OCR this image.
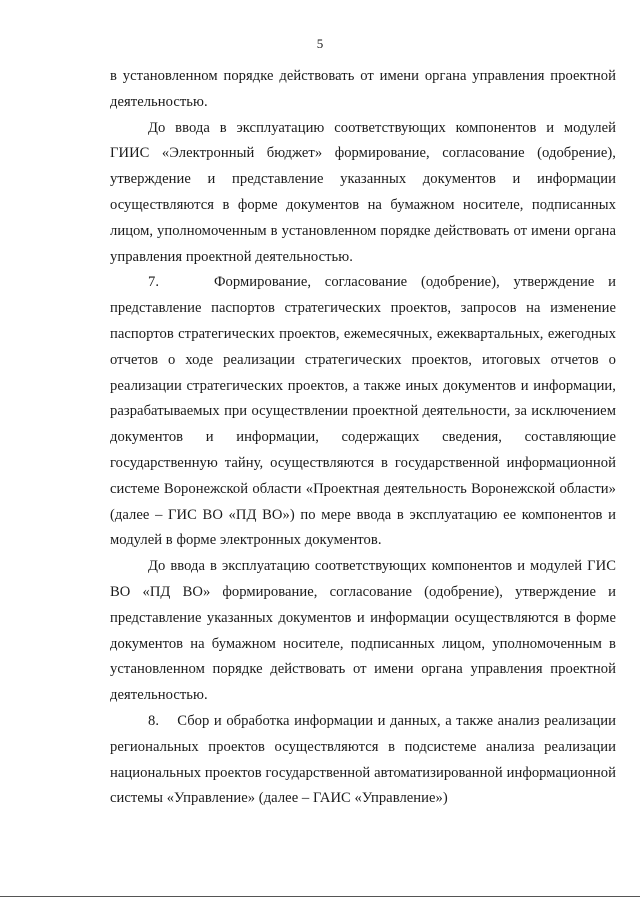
5

в установленном порядке действовать от имени органа управления проектной деятельностью.

До ввода в эксплуатацию соответствующих компонентов и модулей ГИИС «Электронный бюджет» формирование, согласование (одобрение), утверждение и представление указанных документов и информации осуществляются в форме документов на бумажном носителе, подписанных лицом, уполномоченным в установленном порядке действовать от имени органа управления проектной деятельностью.

7.    Формирование, согласование (одобрение), утверждение и представление паспортов стратегических проектов, запросов на изменение паспортов стратегических проектов, ежемесячных, ежеквартальных, ежегодных отчетов о ходе реализации стратегических проектов, итоговых отчетов о реализации стратегических проектов, а также иных документов и информации, разрабатываемых при осуществлении проектной деятельности, за исключением документов и информации, содержащих сведения, составляющие государственную тайну, осуществляются в государственной информационной системе Воронежской области «Проектная деятельность Воронежской области» (далее – ГИС ВО «ПД ВО») по мере ввода в эксплуатацию ее компонентов и модулей в форме электронных документов.

До ввода в эксплуатацию соответствующих компонентов и модулей ГИС ВО «ПД ВО» формирование, согласование (одобрение), утверждение и представление указанных документов и информации осуществляются в форме документов на бумажном носителе, подписанных лицом, уполномоченным в установленном порядке действовать от имени органа управления проектной деятельностью.

8.    Сбор и обработка информации и данных, а также анализ реализации региональных проектов осуществляются в подсистеме анализа реализации национальных проектов государственной автоматизированной информационной системы «Управление» (далее – ГАИС «Управление»)
